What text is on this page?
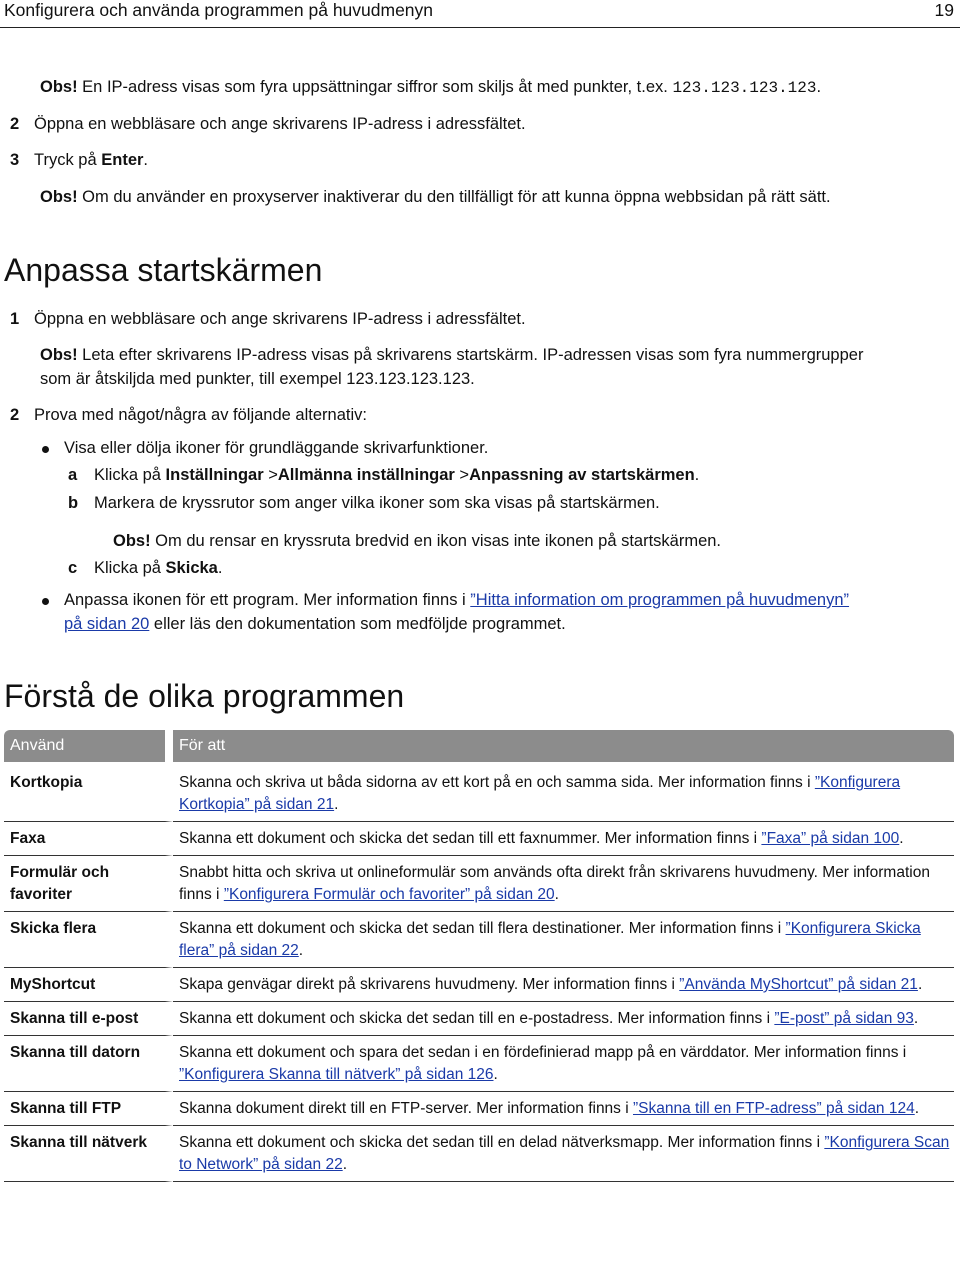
Konfigurera och använda programmen på huvudmenyn	19
Obs! En IP-adress visas som fyra uppsättningar siffror som skiljs åt med punkter, t.ex. 123.123.123.123.
2 Öppna en webbläsare och ange skrivarens IP-adress i adressfältet.
3 Tryck på Enter.
Obs! Om du använder en proxyserver inaktiverar du den tillfälligt för att kunna öppna webbsidan på rätt sätt.
Anpassa startskärmen
1 Öppna en webbläsare och ange skrivarens IP-adress i adressfältet.
Obs! Leta efter skrivarens IP-adress visas på skrivarens startskärm. IP-adressen visas som fyra nummergrupper
som är åtskiljda med punkter, till exempel 123.123.123.123.
2 Prova med något/några av följande alternativ:
Visa eller dölja ikoner för grundläggande skrivarfunktioner.
a Klicka på Inställningar >Allmänna inställningar >Anpassning av startskärmen.
b Markera de kryssrutor som anger vilka ikoner som ska visas på startskärmen.
Obs! Om du rensar en kryssruta bredvid en ikon visas inte ikonen på startskärmen.
c Klicka på Skicka.
Anpassa ikonen för ett program. Mer information finns i ”Hitta information om programmen på huvudmenyn”
på sidan 20 eller läs den dokumentation som medföljde programmet.
Förstå de olika programmen
Använd	För att
Kortkopia	Skanna och skriva ut båda sidorna av ett kort på en och samma sida. Mer information finns i ”Konfigurera Kortkopia” på sidan 21.
Faxa	Skanna ett dokument och skicka det sedan till ett faxnummer. Mer information finns i ”Faxa” på sidan 100.
Formulär och favoriter	Snabbt hitta och skriva ut onlineformulär som används ofta direkt från skrivarens huvudmeny. Mer information finns i ”Konfigurera Formulär och favoriter” på sidan 20.
Skicka flera	Skanna ett dokument och skicka det sedan till flera destinationer. Mer information finns i ”Konfigurera Skicka flera” på sidan 22.
MyShortcut	Skapa genvägar direkt på skrivarens huvudmeny. Mer information finns i ”Använda MyShortcut” på sidan 21.
Skanna till e-post	Skanna ett dokument och skicka det sedan till en e-postadress. Mer information finns i ”E-post” på sidan 93.
Skanna till datorn	Skanna ett dokument och spara det sedan i en fördefinierad mapp på en värddator. Mer information finns i ”Konfigurera Skanna till nätverk” på sidan 126.
Skanna till FTP	Skanna dokument direkt till en FTP-server. Mer information finns i ”Skanna till en FTP-adress” på sidan 124.
Skanna till nätverk	Skanna ett dokument och skicka det sedan till en delad nätverksmapp. Mer information finns i ”Konfigurera Scan to Network” på sidan 22.
